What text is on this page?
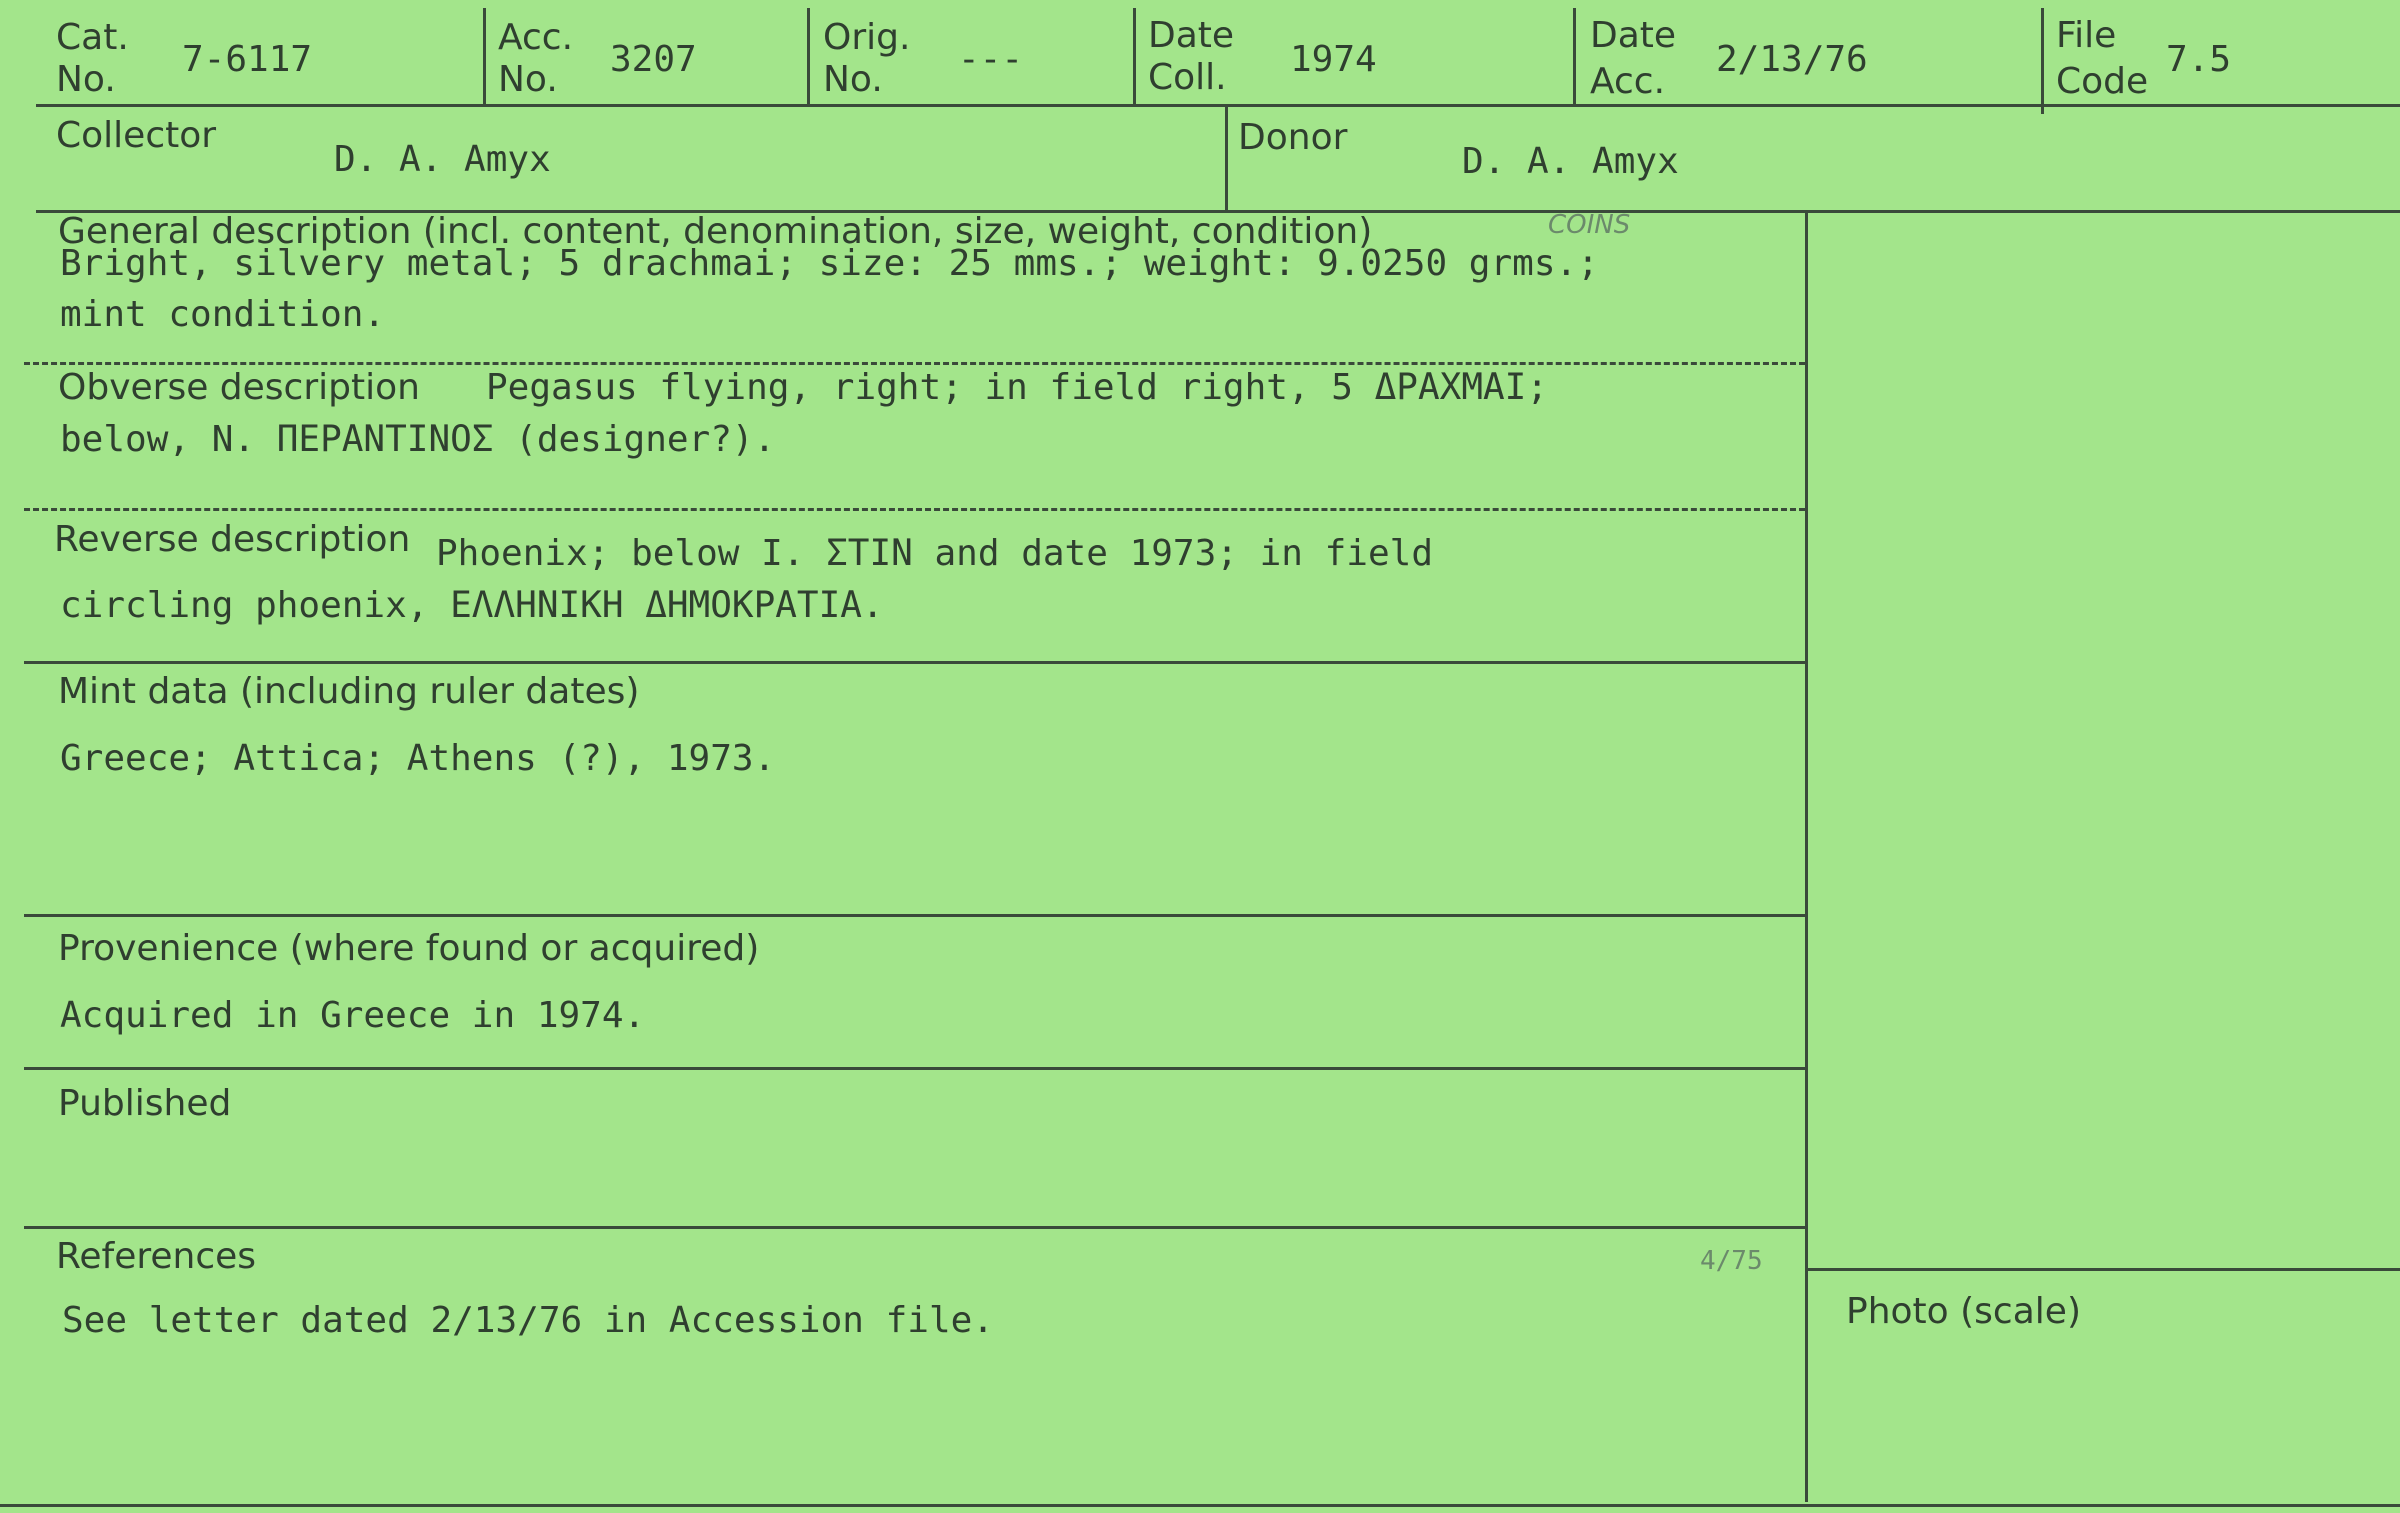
Cat.
No. 7-6117
Acc.
No. 3207
Orig.
No. ---
Date
Coll. 1974
Date
Acc.
2/13/76
File
Code
7.5
Collector
D. A. Amyx
Donor
D. A. Amyx
General description (incl. content, denomination, size, weight, condition)	COINS
Bright, silvery metal; 5 drachmai; size: 25 mms.; weight: 9.0250 grms.;
mint condition.
Obverse description Pegasus flying, right; in field right, 5 ΔΡΑΧΜΑΙ;
below, N. ΠΕΡΑΝΤΙΝΟΣ (designer?).
Reverse description Phoenix; below I. ΣΤΙΝ and date 1973; in field
circling phoenix, ΕΛΛΗΝΙΚΗ ΔΗΜΟΚΡΑΤΙΑ.
Mint data (including ruler dates)
Greece; Attica; Athens (?), 1973.
Provenience (where found or acquired)
Acquired in Greece in 1974.
Published
References	4/75
See letter dated 2/13/76 in Accession file.	Photo (scale)
